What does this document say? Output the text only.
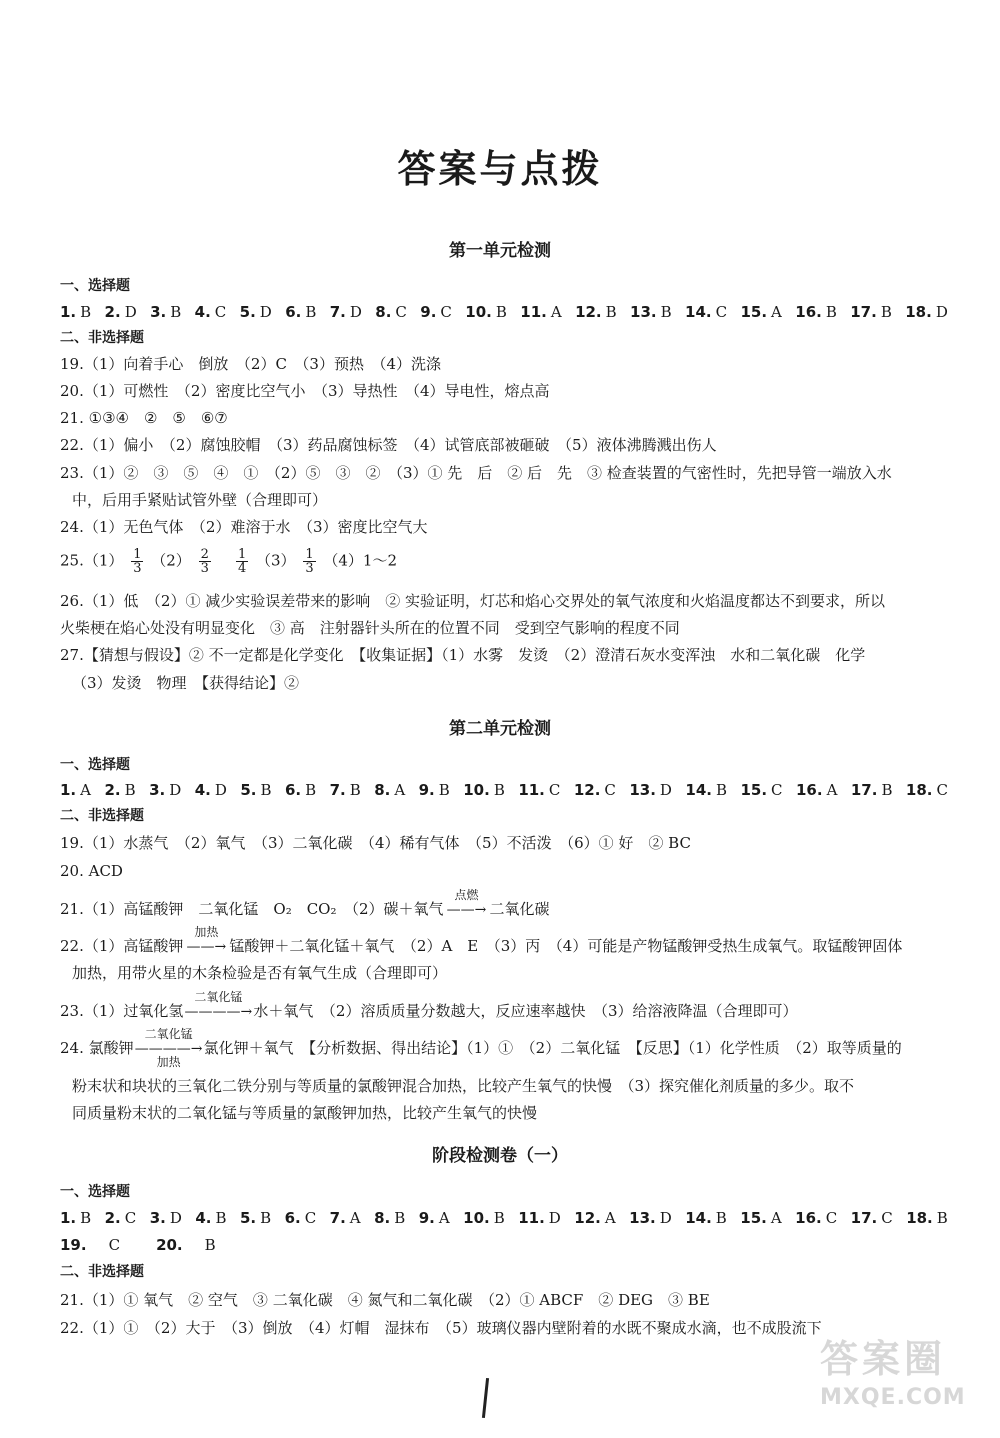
答案与点拨
第一单元检测
一、选择题
1. B 2. D 3. B 4. C 5. D 6. B 7. D 8. C 9. C 10. B 11. A 12. B 13. B 14. C 15. A 16. B 17. B 18. D
二、非选择题
19.（1）向着手心　倒放　（2）C　（3）预热　（4）洗涤
20.（1）可燃性　（2）密度比空气小　（3）导热性　（4）导电性，熔点高
21. ①③④　②　⑤　⑥⑦
22.（1）偏小　（2）腐蚀胶帽　（3）药品腐蚀标签　（4）试管底部被砸破　（5）液体沸腾溅出伤人
23.（1）②　③　⑤　④　①　（2）⑤　③　②　（3）① 先　后　② 后　先　③ 检查装置的气密性时，先把导管一端放入水
中，后用手紧贴试管外壁（合理即可）
24.（1）无色气体　（2）难溶于水　（3）密度比空气大
$25.(1) \frac{1}{3} (2) \frac{2}{3}$
$\frac{1}{4} (3) \frac{1}{3}$ （4）1～2
26.（1）低　（2）① 减少实验误差带来的影响　② 实验证明，灯芯和焰心交界处的氧气浓度和火焰温度都达不到要求，所以
火柴梗在焰心处没有明显变化　③ 高　注射器针头所在的位置不同　受到空气影响的程度不同
27.【猜想与假设】② 不一定都是化学变化　【收集证据】（1）水雾　发烫　（2）澄清石灰水变浑浊　水和二氧化碳　化学
（3）发烫　物理　【获得结论】②
第二单元检测
一、选择题
1. A 2. B 3. D 4. D 5. B 6. B 7. B 8. A 9. B 10. B 11. C 12. C 13. D 14. B 15. C 16. A 17. B 18. C
二、非选择题
19.（1）水蒸气　（2）氧气　（3）二氧化碳　（4）稀有气体　（5）不活泼　（6）① 好　② BC
20. ACD
21.（1）高锰酸钾　二氧化锰　O₂　CO₂　（2）碳＋氧气
点燃
——→ 二氧化碳
22.（1）高锰酸钾
加热
——→ 锰酸钾＋二氧化锰＋氧气　（2）A　E　（3）丙　（4）可能是产物锰酸钾受热生成氧气。取锰酸钾固体
加热，用带火星的木条检验是否有氧气生成（合理即可）
23.（1）过氧化氢
二氧化锰
————→水＋氧气　（2）溶质质量分数越大，反应速率越快　（3）给溶液降温（合理即可）
24. 氯酸钾
二氧化锰
————→
加热
氯化钾＋氧气　【分析数据、得出结论】（1）①　（2）二氧化锰　【反思】（1）化学性质　（2）取等质量的
粉末状和块状的三氧化二铁分别与等质量的氯酸钾混合加热，比较产生氧气的快慢　（3）探究催化剂质量的多少。取不
同质量粉末状的二氧化锰与等质量的氯酸钾加热，比较产生氧气的快慢
阶段检测卷（一）
一、选择题
1. B 2. C 3. D 4. B 5. B 6. C 7. A 8. B 9. A 10. B 11. D 12. A 13. D 14. B 15. A 16. C 17. C 18. B
19. C	20. B
二、非选择题
21.（1）① 氧气　② 空气　③ 二氧化碳　④ 氮气和二氧化碳　（2）① ABCF　② DEG　③ BE
22.（1）①　（2）大于　（3）倒放　（4）灯帽　湿抹布　（5）玻璃仪器内壁附着的水既不聚成水滴，也不成股流下
答案圈
MXQE.COM
